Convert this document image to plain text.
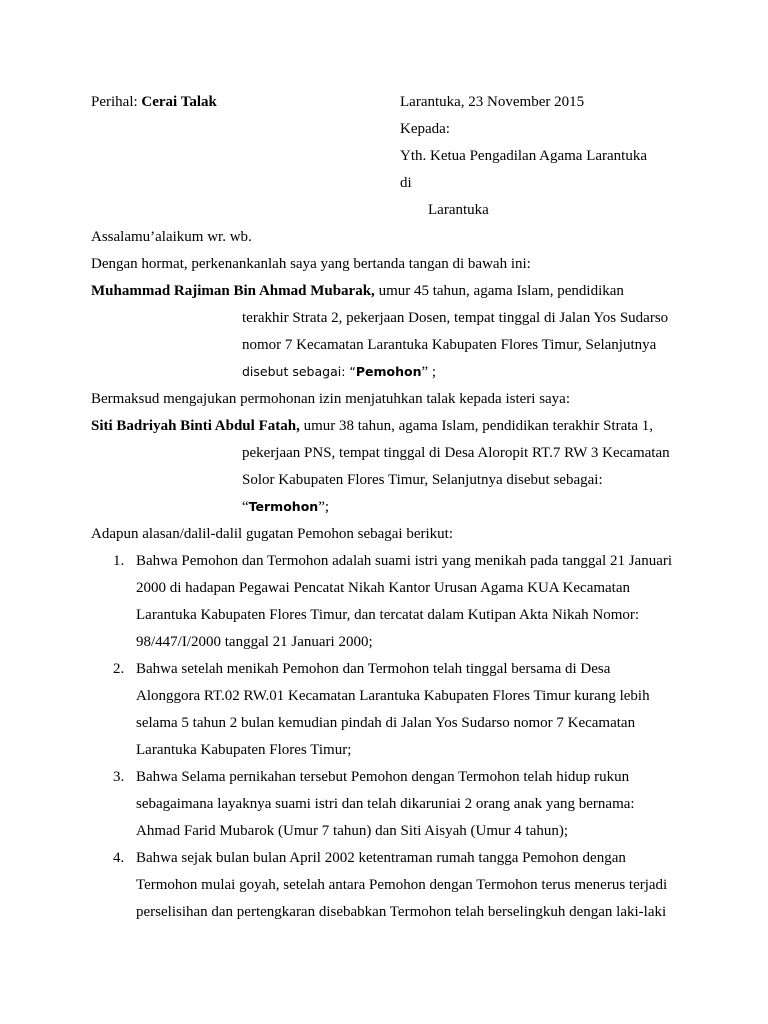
Perihal: Cerai Talak	Larantuka, 23 November 2015
Kepada:
Yth. Ketua Pengadilan Agama Larantuka
di
Larantuka
Assalamu’alaikum wr. wb.
Dengan hormat, perkenankanlah saya yang bertanda tangan di bawah ini:
Muhammad Rajiman Bin Ahmad Mubarak, umur 45 tahun, agama Islam, pendidikan
terakhir Strata 2, pekerjaan Dosen, tempat tinggal di Jalan Yos Sudarso
nomor 7 Kecamatan Larantuka Kabupaten Flores Timur, Selanjutnya
disebut sebagai: “Pemohon” ;
Bermaksud mengajukan permohonan izin menjatuhkan talak kepada isteri saya:
Siti Badriyah Binti Abdul Fatah, umur 38 tahun, agama Islam, pendidikan terakhir Strata 1,
pekerjaan PNS, tempat tinggal di Desa Aloropit RT.7 RW 3 Kecamatan
Solor Kabupaten Flores Timur, Selanjutnya disebut sebagai:
“Termohon”;
Adapun alasan/dalil-dalil gugatan Pemohon sebagai berikut:
1. Bahwa Pemohon dan Termohon adalah suami istri yang menikah pada tanggal 21 Januari
2000 di hadapan Pegawai Pencatat Nikah Kantor Urusan Agama KUA Kecamatan
Larantuka Kabupaten Flores Timur, dan tercatat dalam Kutipan Akta Nikah Nomor:
98/447/I/2000 tanggal 21 Januari 2000;
2. Bahwa setelah menikah Pemohon dan Termohon telah tinggal bersama di Desa
Alonggora RT.02 RW.01 Kecamatan Larantuka Kabupaten Flores Timur kurang lebih
selama 5 tahun 2 bulan kemudian pindah di Jalan Yos Sudarso nomor 7 Kecamatan
Larantuka Kabupaten Flores Timur;
3. Bahwa Selama pernikahan tersebut Pemohon dengan Termohon telah hidup rukun
sebagaimana layaknya suami istri dan telah dikaruniai 2 orang anak yang bernama:
Ahmad Farid Mubarok (Umur 7 tahun) dan Siti Aisyah (Umur 4 tahun);
4. Bahwa sejak bulan bulan April 2002 ketentraman rumah tangga Pemohon dengan
Termohon mulai goyah, setelah antara Pemohon dengan Termohon terus menerus terjadi
perselisihan dan pertengkaran disebabkan Termohon telah berselingkuh dengan laki-laki
